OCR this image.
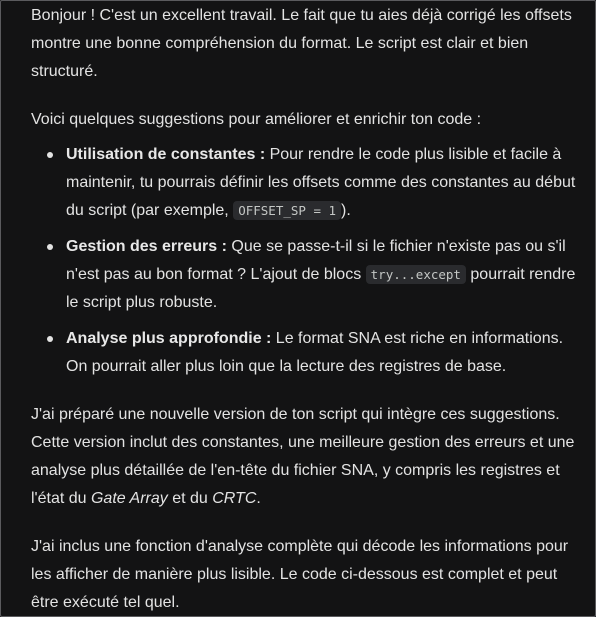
Bonjour ! C'est un excellent travail. Le fait que tu aies déjà corrigé les offsets montre une bonne compréhension du format. Le script est clair et bien structuré.

Voici quelques suggestions pour améliorer et enrichir ton code :

Utilisation de constantes : Pour rendre le code plus lisible et facile à maintenir, tu pourrais définir les offsets comme des constantes au début du script (par exemple, OFFSET_SP = 1 ).
Gestion des erreurs : Que se passe-t-il si le fichier n'existe pas ou s'il n'est pas au bon format ? L'ajout de blocs try...except pourrait rendre le script plus robuste.
Analyse plus approfondie : Le format SNA est riche en informations. On pourrait aller plus loin que la lecture des registres de base.

J'ai préparé une nouvelle version de ton script qui intègre ces suggestions. Cette version inclut des constantes, une meilleure gestion des erreurs et une analyse plus détaillée de l'en-tête du fichier SNA, y compris les registres et l'état du Gate Array et du CRTC.

J'ai inclus une fonction d'analyse complète qui décode les informations pour les afficher de manière plus lisible. Le code ci-dessous est complet et peut être exécuté tel quel.
